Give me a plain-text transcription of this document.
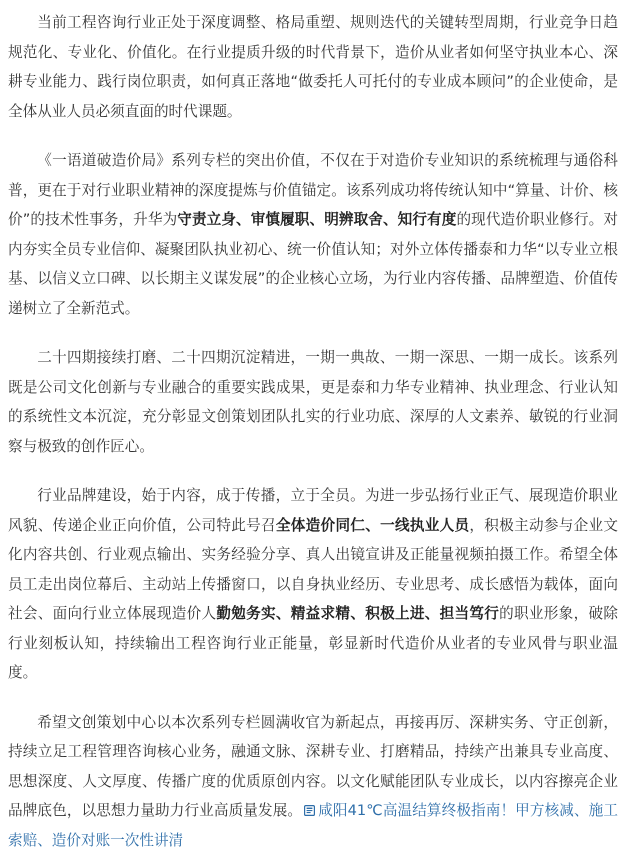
当前工程咨询行业正处于深度调整、格局重塑、规则迭代的关键转型周期，行业竞争日趋规范化、专业化、价值化。在行业提质升级的时代背景下，造价从业者如何坚守执业本心、深耕专业能力、践行岗位职责，如何真正落地“做委托人可托付的专业成本顾问”的企业使命，是全体从业人员必须直面的时代课题。

《一语道破造价局》系列专栏的突出价值，不仅在于对造价专业知识的系统梳理与通俗科普，更在于对行业职业精神的深度提炼与价值锚定。该系列成功将传统认知中“算量、计价、核价”的技术性事务，升华为守责立身、审慎履职、明辨取舍、知行有度的现代造价职业修行。对内夯实全员专业信仰、凝聚团队执业初心、统一价值认知；对外立体传播泰和力华“以专业立根基、以信义立口碑、以长期主义谋发展”的企业核心立场，为行业内容传播、品牌塑造、价值传递树立了全新范式。

二十四期接续打磨、二十四期沉淀精进，一期一典故、一期一深思、一期一成长。该系列既是公司文化创新与专业融合的重要实践成果，更是泰和力华专业精神、执业理念、行业认知的系统性文本沉淀，充分彰显文创策划团队扎实的行业功底、深厚的人文素养、敏锐的行业洞察与极致的创作匠心。

行业品牌建设，始于内容，成于传播，立于全员。为进一步弘扬行业正气、展现造价职业风貌、传递企业正向价值，公司特此号召全体造价同仁、一线执业人员，积极主动参与企业文化内容共创、行业观点输出、实务经验分享、真人出镜宣讲及正能量视频拍摄工作。希望全体员工走出岗位幕后、主动站上传播窗口，以自身执业经历、专业思考、成长感悟为载体，面向社会、面向行业立体展现造价人勤勉务实、精益求精、积极上进、担当笃行的职业形象，破除行业刻板认知，持续输出工程咨询行业正能量，彰显新时代造价从业者的专业风骨与职业温度。

希望文创策划中心以本次系列专栏圆满收官为新起点，再接再厉、深耕实务、守正创新，持续立足工程管理咨询核心业务，融通文脉、深耕专业、打磨精品，持续产出兼具专业高度、思想深度、人文厚度、传播广度的优质原创内容。以文化赋能团队专业成长，以内容擦亮企业品牌底色，以思想力量助力行业高质量发展。 咸阳41℃高温结算终极指南！甲方核减、施工索赔、造价对账一次性讲清
